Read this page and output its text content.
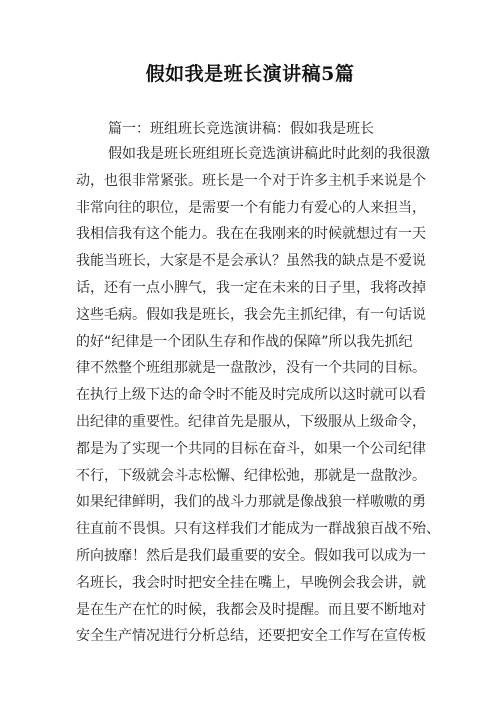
假如我是班长演讲稿5篇
篇一：班组班长竞选演讲稿：假如我是班长
假如我是班长班组班长竞选演讲稿此时此刻的我很激
动，也很非常紧张。班长是一个对于许多主机手来说是个
非常向往的职位，是需要一个有能力有爱心的人来担当，
我相信我有这个能力。我在在我刚来的时候就想过有一天
我能当班长，大家是不是会承认？虽然我的缺点是不爱说
话，还有一点小脾气，我一定在未来的日子里，我将改掉
这些毛病。假如我是班长，我会先主抓纪律，有一句话说
的好“纪律是一个团队生存和作战的保障”所以我先抓纪
律不然整个班组那就是一盘散沙，没有一个共同的目标。
在执行上级下达的命令时不能及时完成所以这时就可以看
出纪律的重要性。纪律首先是服从，下级服从上级命令，
都是为了实现一个共同的目标在奋斗，如果一个公司纪律
不行，下级就会斗志松懈、纪律松弛，那就是一盘散沙。
如果纪律鲜明，我们的战斗力那就是像战狼一样嗷嗷的勇
往直前不畏惧。只有这样我们才能成为一群战狼百战不殆、
所向披靡！然后是我们最重要的安全。假如我可以成为一
名班长，我会时时把安全挂在嘴上，早晚例会我会讲，就
是在生产在忙的时候，我都会及时提醒。而且要不断地对
安全生产情况进行分析总结，还要把安全工作写在宣传板
